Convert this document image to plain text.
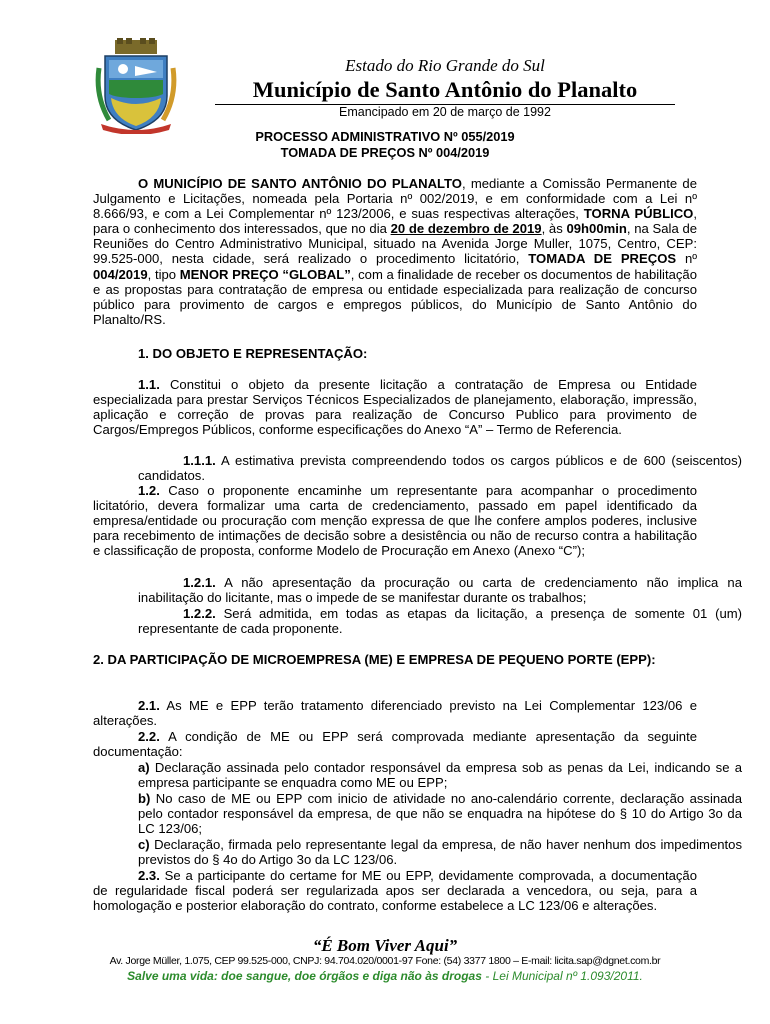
Estado do Rio Grande do Sul
Município de Santo Antônio do Planalto
Emancipado em 20 de março de 1992
PROCESSO ADMINISTRATIVO Nº 055/2019
TOMADA DE PREÇOS Nº 004/2019
O MUNICÍPIO DE SANTO ANTÔNIO DO PLANALTO, mediante a Comissão Permanente de Julgamento e Licitações, nomeada pela Portaria nº 002/2019, e em conformidade com a Lei nº 8.666/93, e com a Lei Complementar nº 123/2006, e suas respectivas alterações, TORNA PÚBLICO, para o conhecimento dos interessados, que no dia 20 de dezembro de 2019, às 09h00min, na Sala de Reuniões do Centro Administrativo Municipal, situado na Avenida Jorge Muller, 1075, Centro, CEP: 99.525-000, nesta cidade, será realizado o procedimento licitatório, TOMADA DE PREÇOS nº 004/2019, tipo MENOR PREÇO “GLOBAL”, com a finalidade de receber os documentos de habilitação e as propostas para contratação de empresa ou entidade especializada para realização de concurso público para provimento de cargos e empregos públicos, do Município de Santo Antônio do Planalto/RS.
1. DO OBJETO E REPRESENTAÇÃO:
1.1. Constitui o objeto da presente licitação a contratação de Empresa ou Entidade especializada para prestar Serviços Técnicos Especializados de planejamento, elaboração, impressão, aplicação e correção de provas para realização de Concurso Publico para provimento de Cargos/Empregos Públicos, conforme especificações do Anexo “A” – Termo de Referencia.
1.1.1. A estimativa prevista compreendendo todos os cargos públicos e de 600 (seiscentos) candidatos.
1.2. Caso o proponente encaminhe um representante para acompanhar o procedimento licitatório, devera formalizar uma carta de credenciamento, passado em papel identificado da empresa/entidade ou procuração com menção expressa de que lhe confere amplos poderes, inclusive para recebimento de intimações de decisão sobre a desistência ou não de recurso contra a habilitação e classificação de proposta, conforme Modelo de Procuração em Anexo (Anexo “C”);
1.2.1. A não apresentação da procuração ou carta de credenciamento não implica na inabilitação do licitante, mas o impede de se manifestar durante os trabalhos;
1.2.2. Será admitida, em todas as etapas da licitação, a presença de somente 01 (um) representante de cada proponente.
2. DA PARTICIPAÇÃO DE MICROEMPRESA (ME) E EMPRESA DE PEQUENO PORTE (EPP):
2.1. As ME e EPP terão tratamento diferenciado previsto na Lei Complementar 123/06 e alterações.
2.2. A condição de ME ou EPP será comprovada mediante apresentação da seguinte documentação:
a) Declaração assinada pelo contador responsável da empresa sob as penas da Lei, indicando se a empresa participante se enquadra como ME ou EPP;
b) No caso de ME ou EPP com inicio de atividade no ano-calendário corrente, declaração assinada pelo contador responsável da empresa, de que não se enquadra na hipótese do § 10 do Artigo 3o da LC 123/06;
c) Declaração, firmada pelo representante legal da empresa, de não haver nenhum dos impedimentos previstos do § 4o do Artigo 3o da LC 123/06.
2.3. Se a participante do certame for ME ou EPP, devidamente comprovada, a documentação de regularidade fiscal poderá ser regularizada apos ser declarada a vencedora, ou seja, para a homologação e posterior elaboração do contrato, conforme estabelece a LC 123/06 e alterações.
“É Bom Viver Aqui”
Av. Jorge Müller, 1.075, CEP 99.525-000, CNPJ: 94.704.020/0001-97 Fone: (54) 3377 1800 – E-mail: licita.sap@dgnet.com.br
Salve uma vida: doe sangue, doe órgãos e diga não às drogas - Lei Municipal nº 1.093/2011.
